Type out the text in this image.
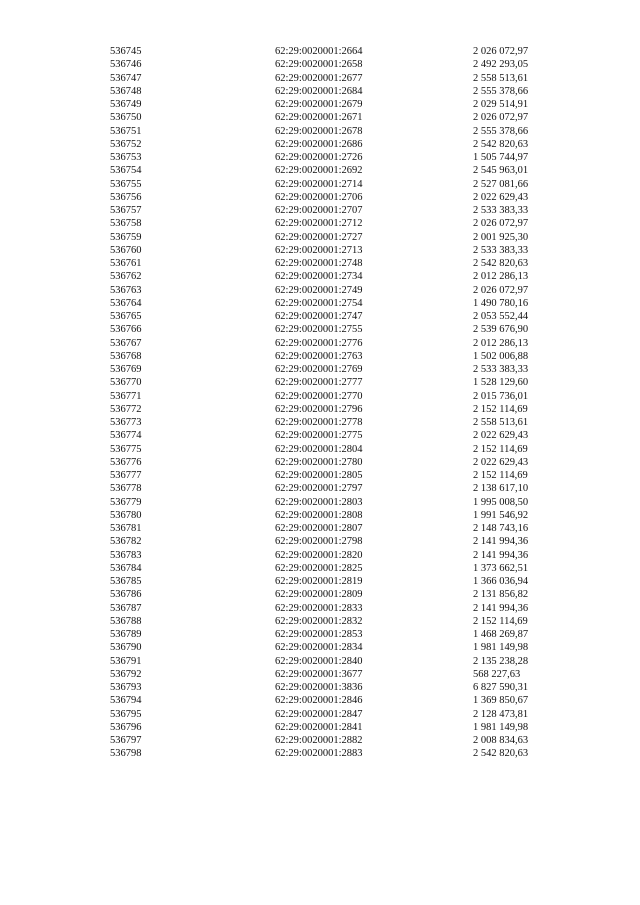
536745	62:29:0020001:2664	2 026 072,97
536746	62:29:0020001:2658	2 492 293,05
536747	62:29:0020001:2677	2 558 513,61
536748	62:29:0020001:2684	2 555 378,66
536749	62:29:0020001:2679	2 029 514,91
536750	62:29:0020001:2671	2 026 072,97
536751	62:29:0020001:2678	2 555 378,66
536752	62:29:0020001:2686	2 542 820,63
536753	62:29:0020001:2726	1 505 744,97
536754	62:29:0020001:2692	2 545 963,01
536755	62:29:0020001:2714	2 527 081,66
536756	62:29:0020001:2706	2 022 629,43
536757	62:29:0020001:2707	2 533 383,33
536758	62:29:0020001:2712	2 026 072,97
536759	62:29:0020001:2727	2 001 925,30
536760	62:29:0020001:2713	2 533 383,33
536761	62:29:0020001:2748	2 542 820,63
536762	62:29:0020001:2734	2 012 286,13
536763	62:29:0020001:2749	2 026 072,97
536764	62:29:0020001:2754	1 490 780,16
536765	62:29:0020001:2747	2 053 552,44
536766	62:29:0020001:2755	2 539 676,90
536767	62:29:0020001:2776	2 012 286,13
536768	62:29:0020001:2763	1 502 006,88
536769	62:29:0020001:2769	2 533 383,33
536770	62:29:0020001:2777	1 528 129,60
536771	62:29:0020001:2770	2 015 736,01
536772	62:29:0020001:2796	2 152 114,69
536773	62:29:0020001:2778	2 558 513,61
536774	62:29:0020001:2775	2 022 629,43
536775	62:29:0020001:2804	2 152 114,69
536776	62:29:0020001:2780	2 022 629,43
536777	62:29:0020001:2805	2 152 114,69
536778	62:29:0020001:2797	2 138 617,10
536779	62:29:0020001:2803	1 995 008,50
536780	62:29:0020001:2808	1 991 546,92
536781	62:29:0020001:2807	2 148 743,16
536782	62:29:0020001:2798	2 141 994,36
536783	62:29:0020001:2820	2 141 994,36
536784	62:29:0020001:2825	1 373 662,51
536785	62:29:0020001:2819	1 366 036,94
536786	62:29:0020001:2809	2 131 856,82
536787	62:29:0020001:2833	2 141 994,36
536788	62:29:0020001:2832	2 152 114,69
536789	62:29:0020001:2853	1 468 269,87
536790	62:29:0020001:2834	1 981 149,98
536791	62:29:0020001:2840	2 135 238,28
536792	62:29:0020001:3677	568 227,63
536793	62:29:0020001:3836	6 827 590,31
536794	62:29:0020001:2846	1 369 850,67
536795	62:29:0020001:2847	2 128 473,81
536796	62:29:0020001:2841	1 981 149,98
536797	62:29:0020001:2882	2 008 834,63
536798	62:29:0020001:2883	2 542 820,63
